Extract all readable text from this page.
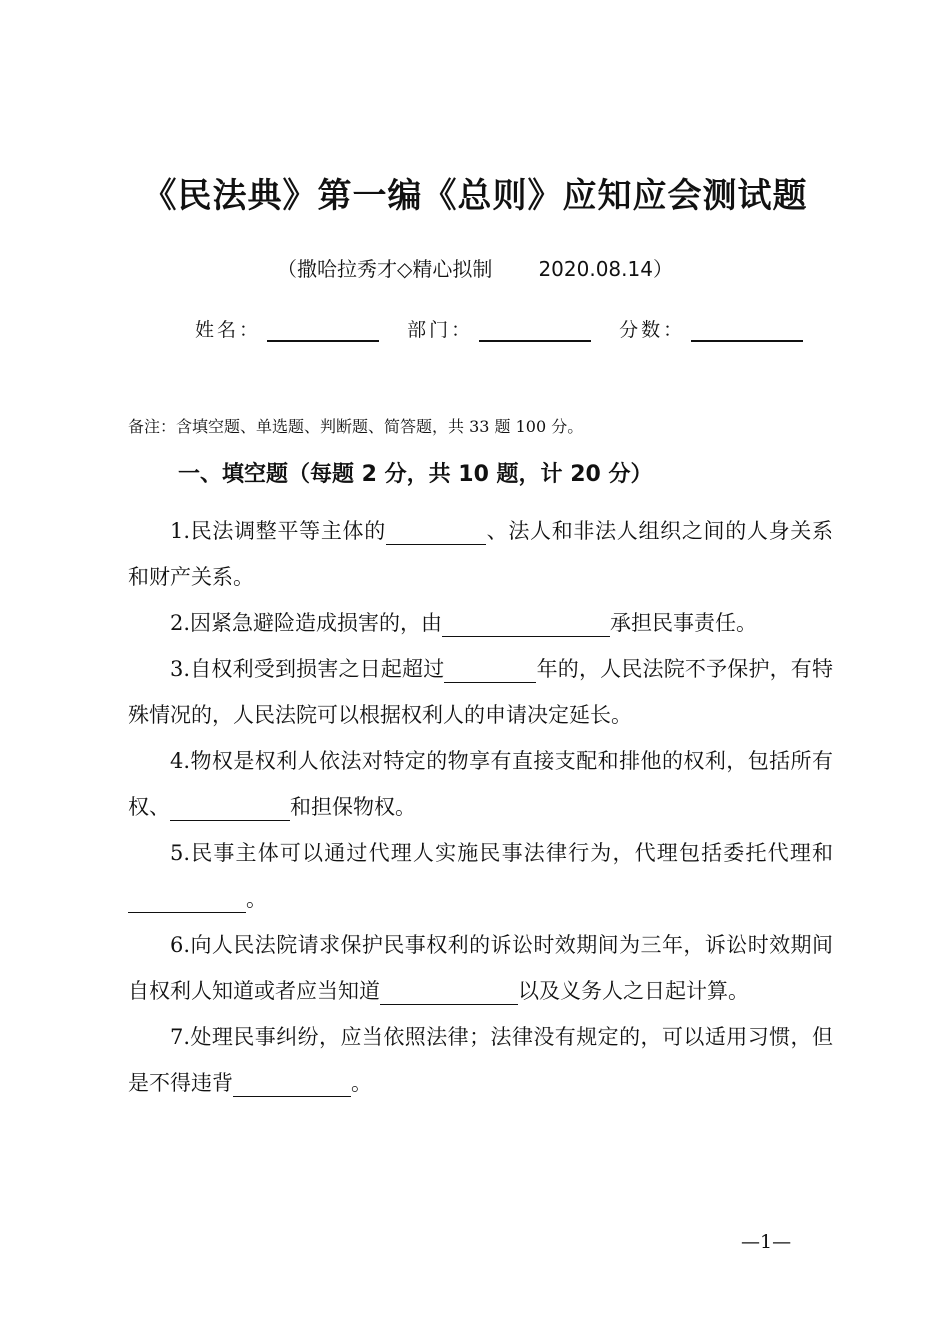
《民法典》第一编《总则》应知应会测试题
（撒哈拉秀才◇精心拟制 2020.08.14）
姓名：	部门：	分数：
备注：含填空题、单选题、判断题、简答题，共 33 题 100 分。
一、填空题（每题 2 分，共 10 题，计 20 分）

1.民法调整平等主体的	、法人和非法人组织之间的人身关系和财产关系。

2.因紧急避险造成损害的，由	承担民事责任。

3.自权利受到损害之日起超过	年的，人民法院不予保护，有特殊情况的，人民法院可以根据权利人的申请决定延长。

4.物权是权利人依法对特定的物享有直接支配和排他的权利，包括所有权、	和担保物权。

5.民事主体可以通过代理人实施民事法律行为，代理包括委托代理和。

6.向人民法院请求保护民事权利的诉讼时效期间为三年，诉讼时效期间自权利人知道或者应当知道	以及义务人之日起计算。

7.处理民事纠纷，应当依照法律；法律没有规定的，可以适用习惯，但是不得违背	。

—1—
